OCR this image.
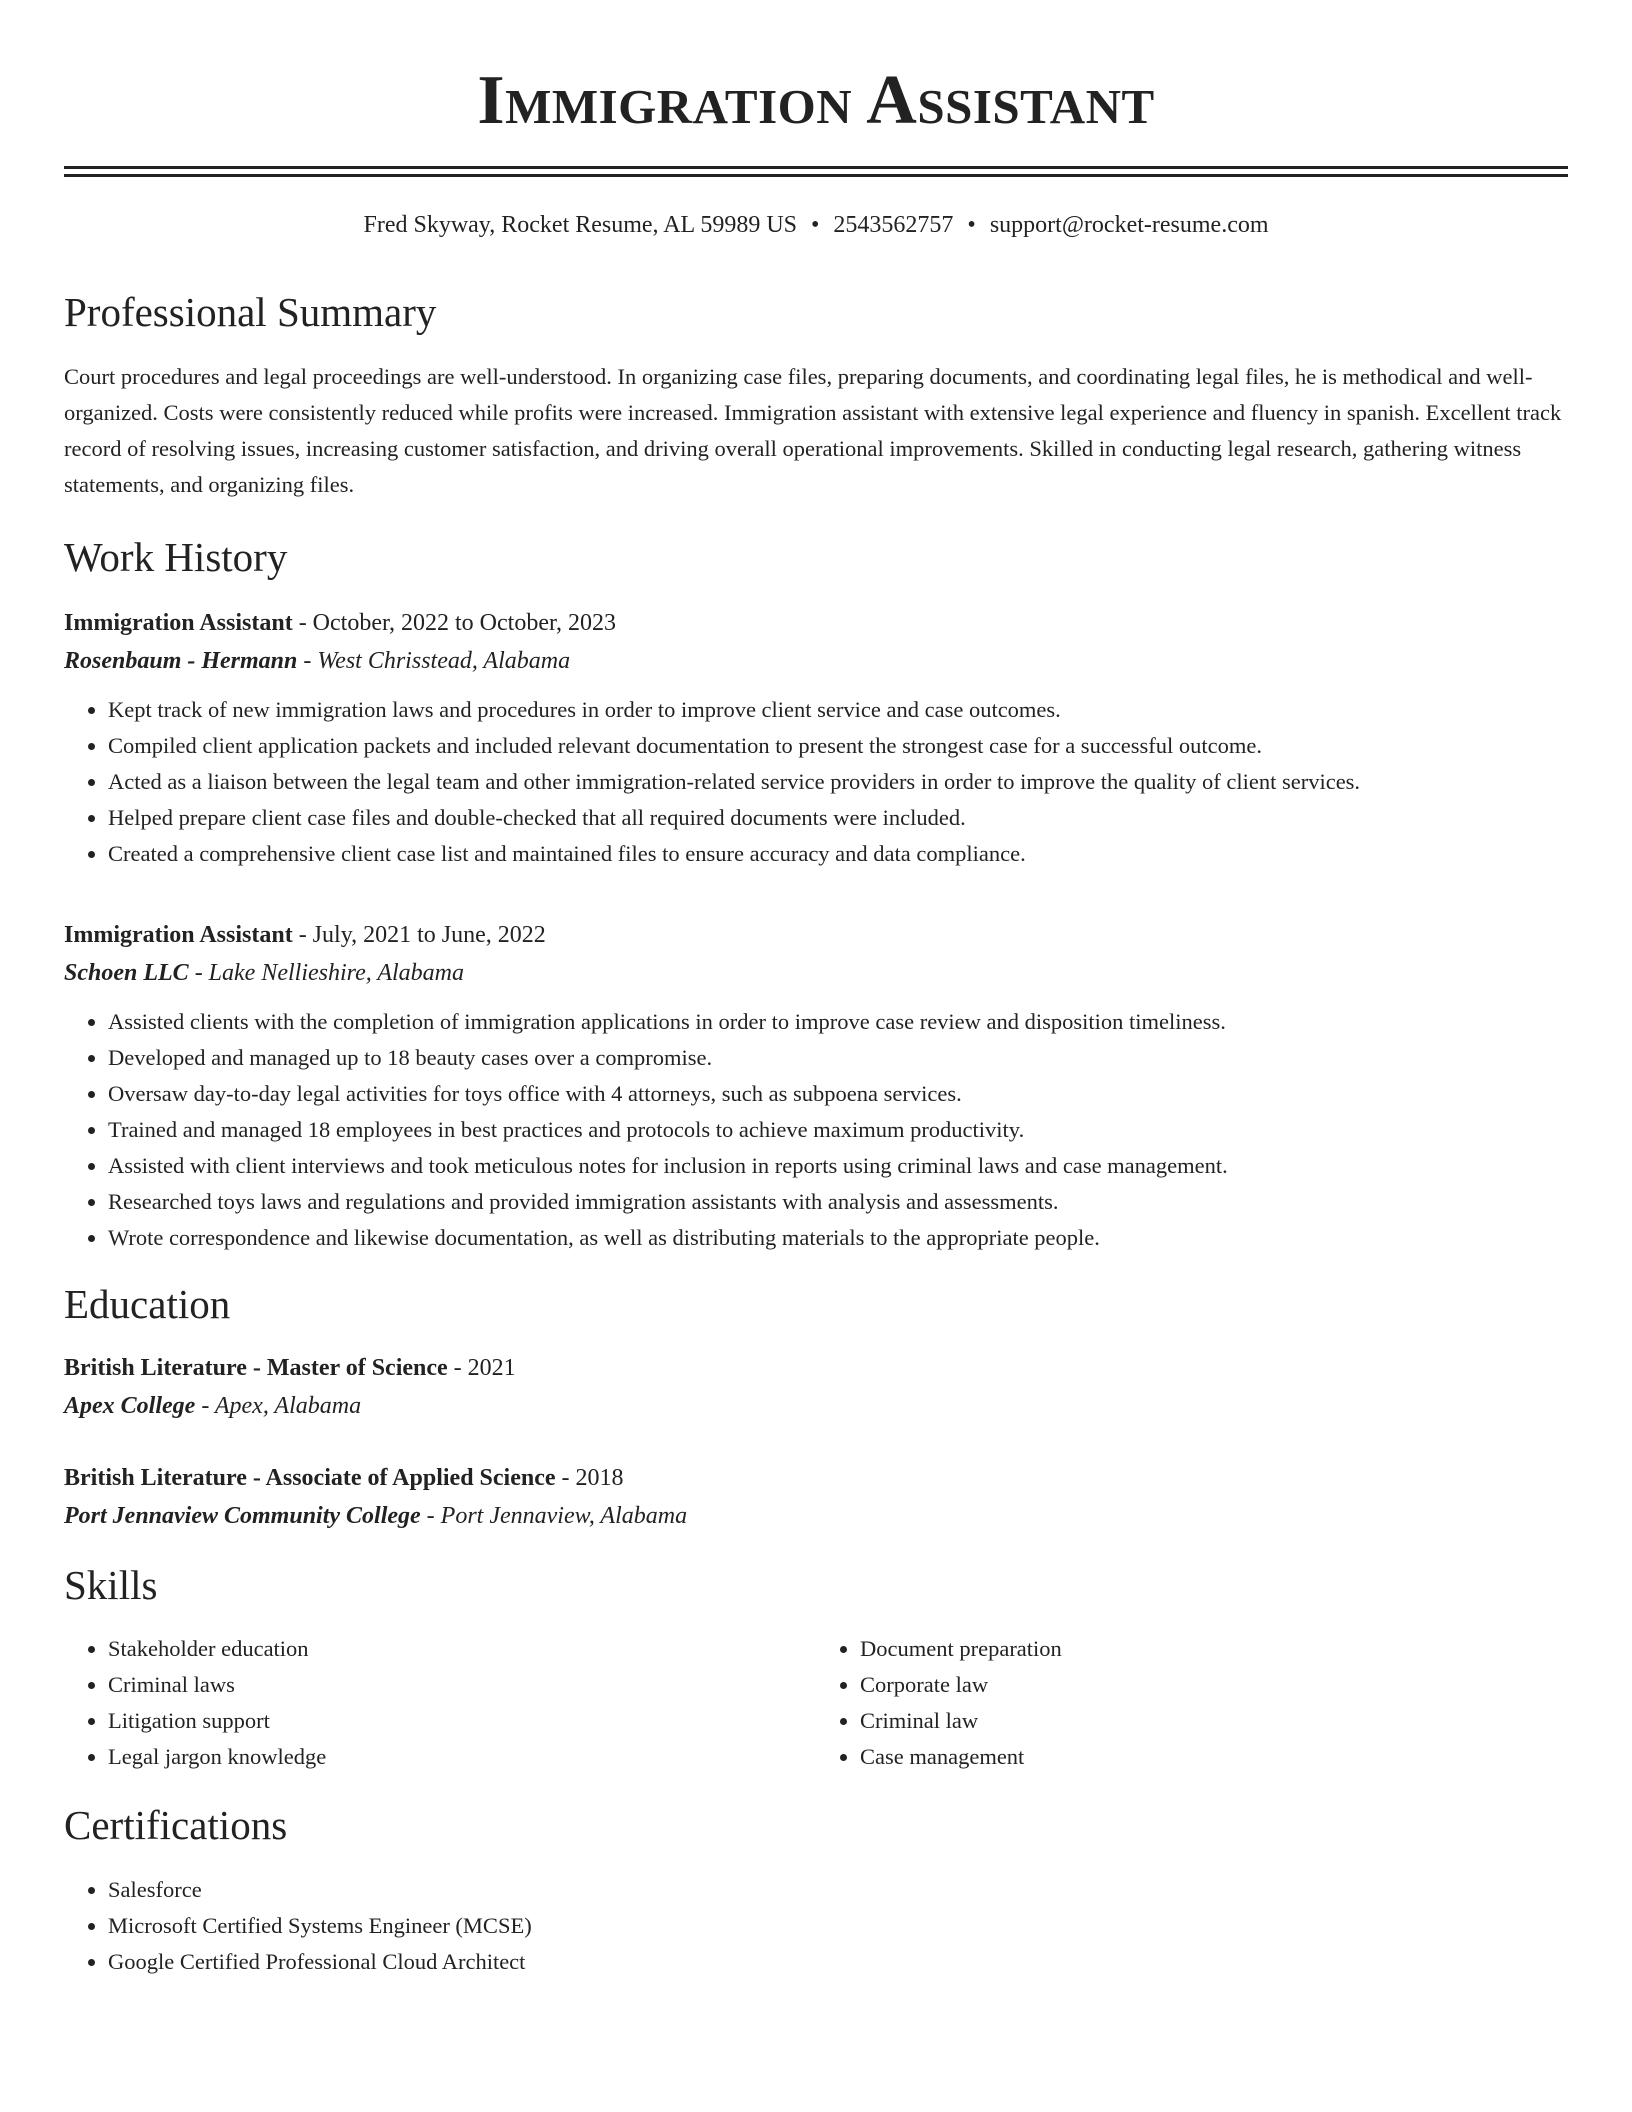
Immigration Assistant
Fred Skyway, Rocket Resume, AL 59989 US • 2543562757 • support@rocket-resume.com
Professional Summary
Court procedures and legal proceedings are well-understood. In organizing case files, preparing documents, and coordinating legal files, he is methodical and well-organized. Costs were consistently reduced while profits were increased. Immigration assistant with extensive legal experience and fluency in spanish. Excellent track record of resolving issues, increasing customer satisfaction, and driving overall operational improvements. Skilled in conducting legal research, gathering witness statements, and organizing files.
Work History
Immigration Assistant - October, 2022 to October, 2023
Rosenbaum - Hermann - West Chrisstead, Alabama
• Kept track of new immigration laws and procedures in order to improve client service and case outcomes.
• Compiled client application packets and included relevant documentation to present the strongest case for a successful outcome.
• Acted as a liaison between the legal team and other immigration-related service providers in order to improve the quality of client services.
• Helped prepare client case files and double-checked that all required documents were included.
• Created a comprehensive client case list and maintained files to ensure accuracy and data compliance.
Immigration Assistant - July, 2021 to June, 2022
Schoen LLC - Lake Nellieshire, Alabama
• Assisted clients with the completion of immigration applications in order to improve case review and disposition timeliness.
• Developed and managed up to 18 beauty cases over a compromise.
• Oversaw day-to-day legal activities for toys office with 4 attorneys, such as subpoena services.
• Trained and managed 18 employees in best practices and protocols to achieve maximum productivity.
• Assisted with client interviews and took meticulous notes for inclusion in reports using criminal laws and case management.
• Researched toys laws and regulations and provided immigration assistants with analysis and assessments.
• Wrote correspondence and likewise documentation, as well as distributing materials to the appropriate people.
Education
British Literature - Master of Science - 2021
Apex College - Apex, Alabama
British Literature - Associate of Applied Science - 2018
Port Jennaview Community College - Port Jennaview, Alabama
Skills
• Stakeholder education
• Criminal laws
• Litigation support
• Legal jargon knowledge
• Document preparation
• Corporate law
• Criminal law
• Case management
Certifications
• Salesforce
• Microsoft Certified Systems Engineer (MCSE)
• Google Certified Professional Cloud Architect
